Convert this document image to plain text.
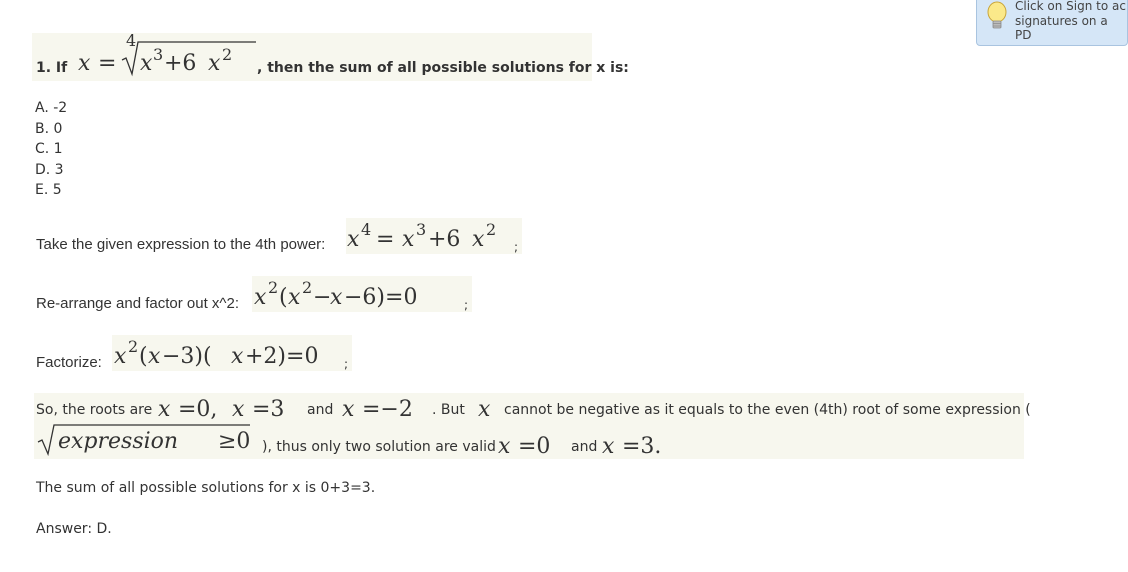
Click on Sign to ac
signatures on a PD
1. If x =
4
x 3 +6 x 2
, then the sum of all possible solutions for x is:
A. -2
B. 0
C. 1
D. 3
E. 5
Take the given expression to the 4th power: x 4 = x 3 +6 x 2
;
Re-arrange and factor out x^2: x 2 ( x 2 −
x −6)=0	;
Factorize: x 2 ( x −3)( x +2)=0 ;
So, the roots are x =0, x =3 and x =−2 . But x cannot be negative as it equals to the even (4th) root of some expression (
expression ≥0 ), thus only two solution are valid x =0 and x =3.
The sum of all possible solutions for x is 0+3=3.
Answer: D.
